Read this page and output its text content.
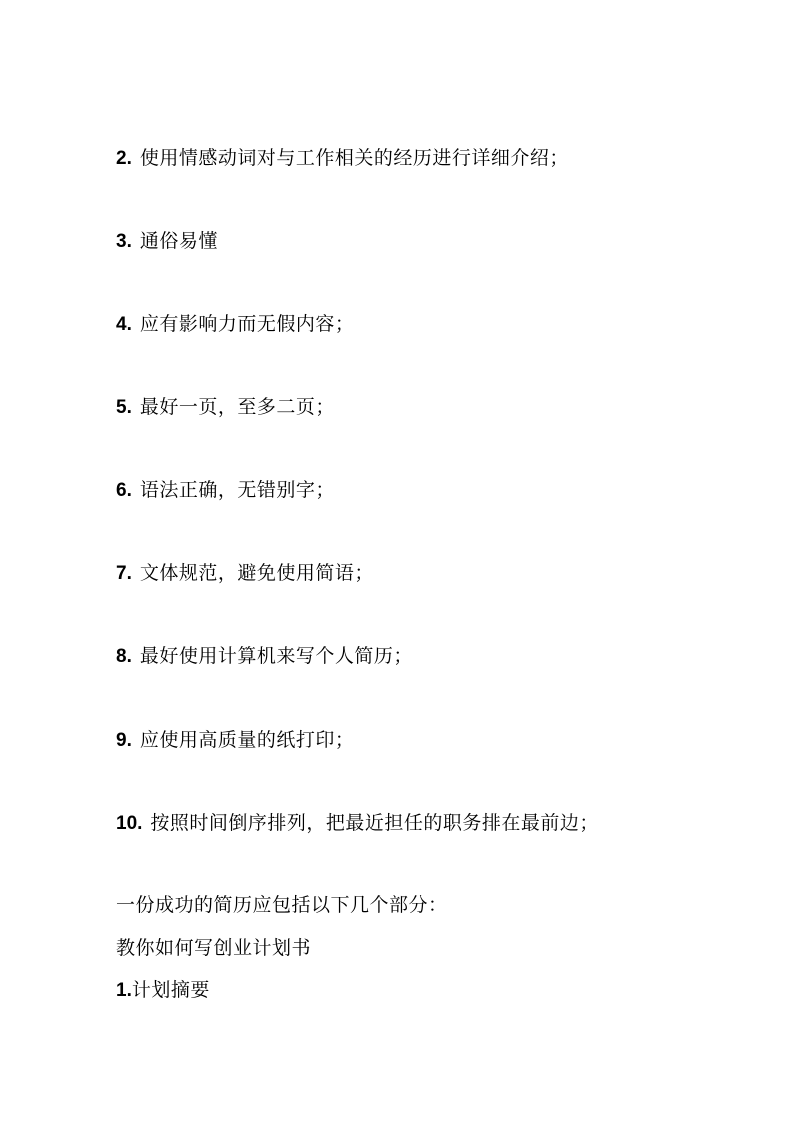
2. 使用情感动词对与工作相关的经历进行详细介绍；
3. 通俗易懂
4. 应有影响力而无假内容；
5. 最好一页，至多二页；
6. 语法正确，无错别字；
7. 文体规范，避免使用简语；
8. 最好使用计算机来写个人简历；
9. 应使用高质量的纸打印；
10. 按照时间倒序排列，把最近担任的职务排在最前边；
一份成功的简历应包括以下几个部分：
教你如何写创业计划书
1.计划摘要
